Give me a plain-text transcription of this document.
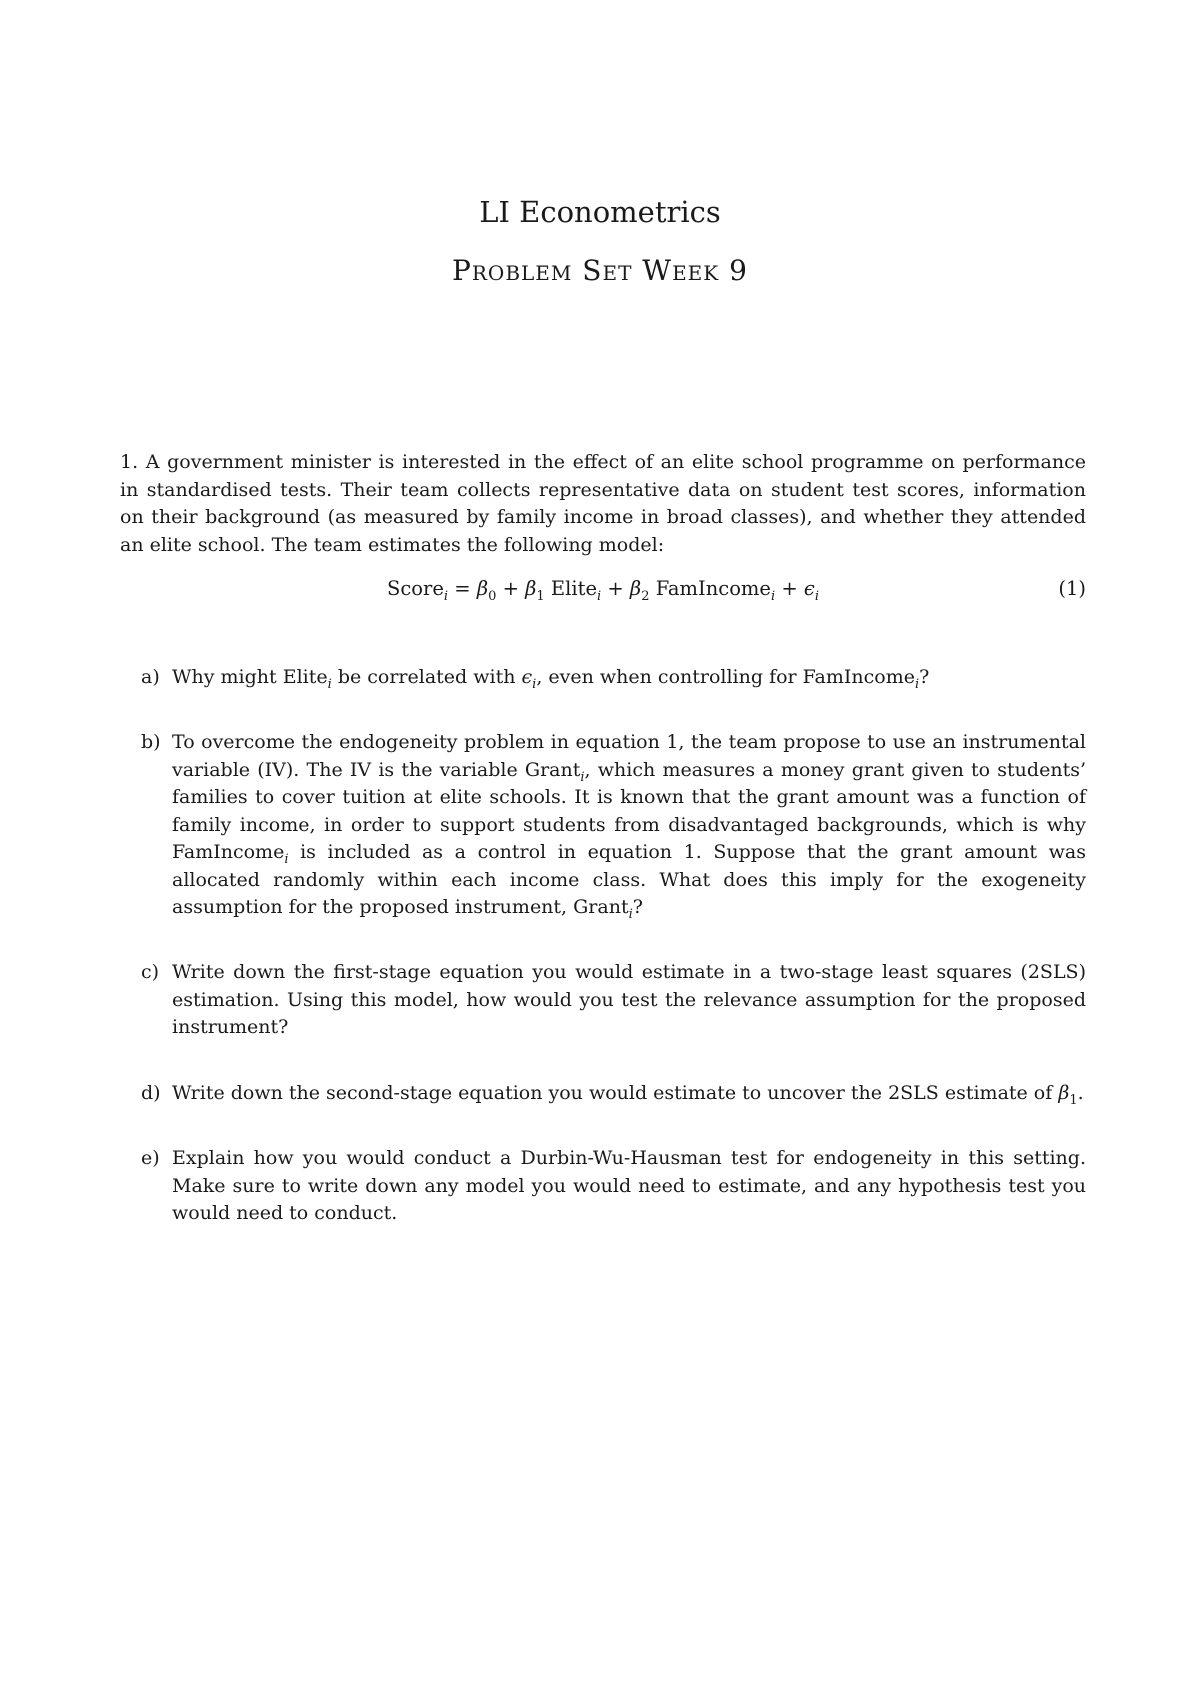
LI Econometrics
Problem Set Week 9
1. A government minister is interested in the effect of an elite school programme on performance in standardised tests. Their team collects representative data on student test scores, information on their background (as measured by family income in broad classes), and whether they attended an elite school. The team estimates the following model:
Score$_i$ = $\beta_0 + \beta_1$ Elite$_i$ + $\beta_2$ FamIncome$_i$ + $\epsilon_i$	(1)
a) Why might Elite$_i$ be correlated with $\epsilon_i$, even when controlling for FamIncome$_i$?
b) To overcome the endogeneity problem in equation 1, the team propose to use an instrumental variable (IV). The IV is the variable Grant$_i$, which measures a money grant given to students’ families to cover tuition at elite schools. It is known that the grant amount was a function of family income, in order to support students from disadvantaged backgrounds, which is why FamIncome$_i$ is included as a control in equation 1. Suppose that the grant amount was allocated randomly within each income class. What does this imply for the exogeneity assumption for the proposed instrument, Grant$_i$?
c) Write down the first-stage equation you would estimate in a two-stage least squares (2SLS) estimation. Using this model, how would you test the relevance assumption for the proposed instrument?
d) Write down the second-stage equation you would estimate to uncover the 2SLS estimate of $\beta_1$.
e) Explain how you would conduct a Durbin-Wu-Hausman test for endogeneity in this setting. Make sure to write down any model you would need to estimate, and any hypothesis test you would need to conduct.
